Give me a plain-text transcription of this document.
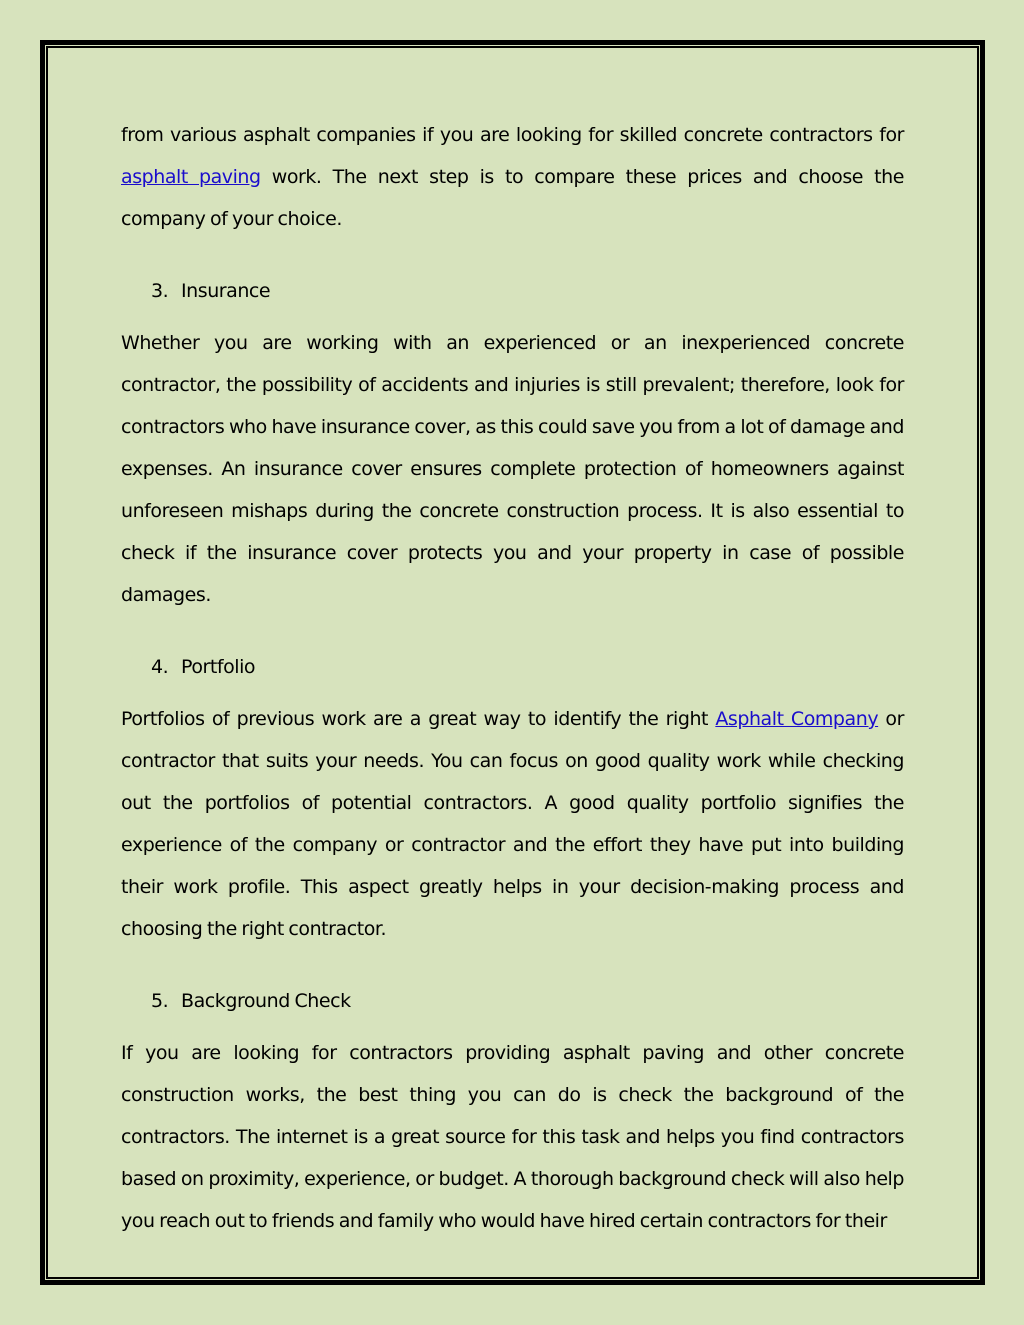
from various asphalt companies if you are looking for skilled concrete contractors for asphalt paving work. The next step is to compare these prices and choose the company of your choice.

3. Insurance

Whether you are working with an experienced or an inexperienced concrete contractor, the possibility of accidents and injuries is still prevalent; therefore, look for contractors who have insurance cover, as this could save you from a lot of damage and expenses. An insurance cover ensures complete protection of homeowners against unforeseen mishaps during the concrete construction process. It is also essential to check if the insurance cover protects you and your property in case of possible damages.

4. Portfolio

Portfolios of previous work are a great way to identify the right Asphalt Company or contractor that suits your needs. You can focus on good quality work while checking out the portfolios of potential contractors. A good quality portfolio signifies the experience of the company or contractor and the effort they have put into building their work profile. This aspect greatly helps in your decision-making process and choosing the right contractor.

5. Background Check

If you are looking for contractors providing asphalt paving and other concrete construction works, the best thing you can do is check the background of the contractors. The internet is a great source for this task and helps you find contractors based on proximity, experience, or budget. A thorough background check will also help you reach out to friends and family who would have hired certain contractors for their
